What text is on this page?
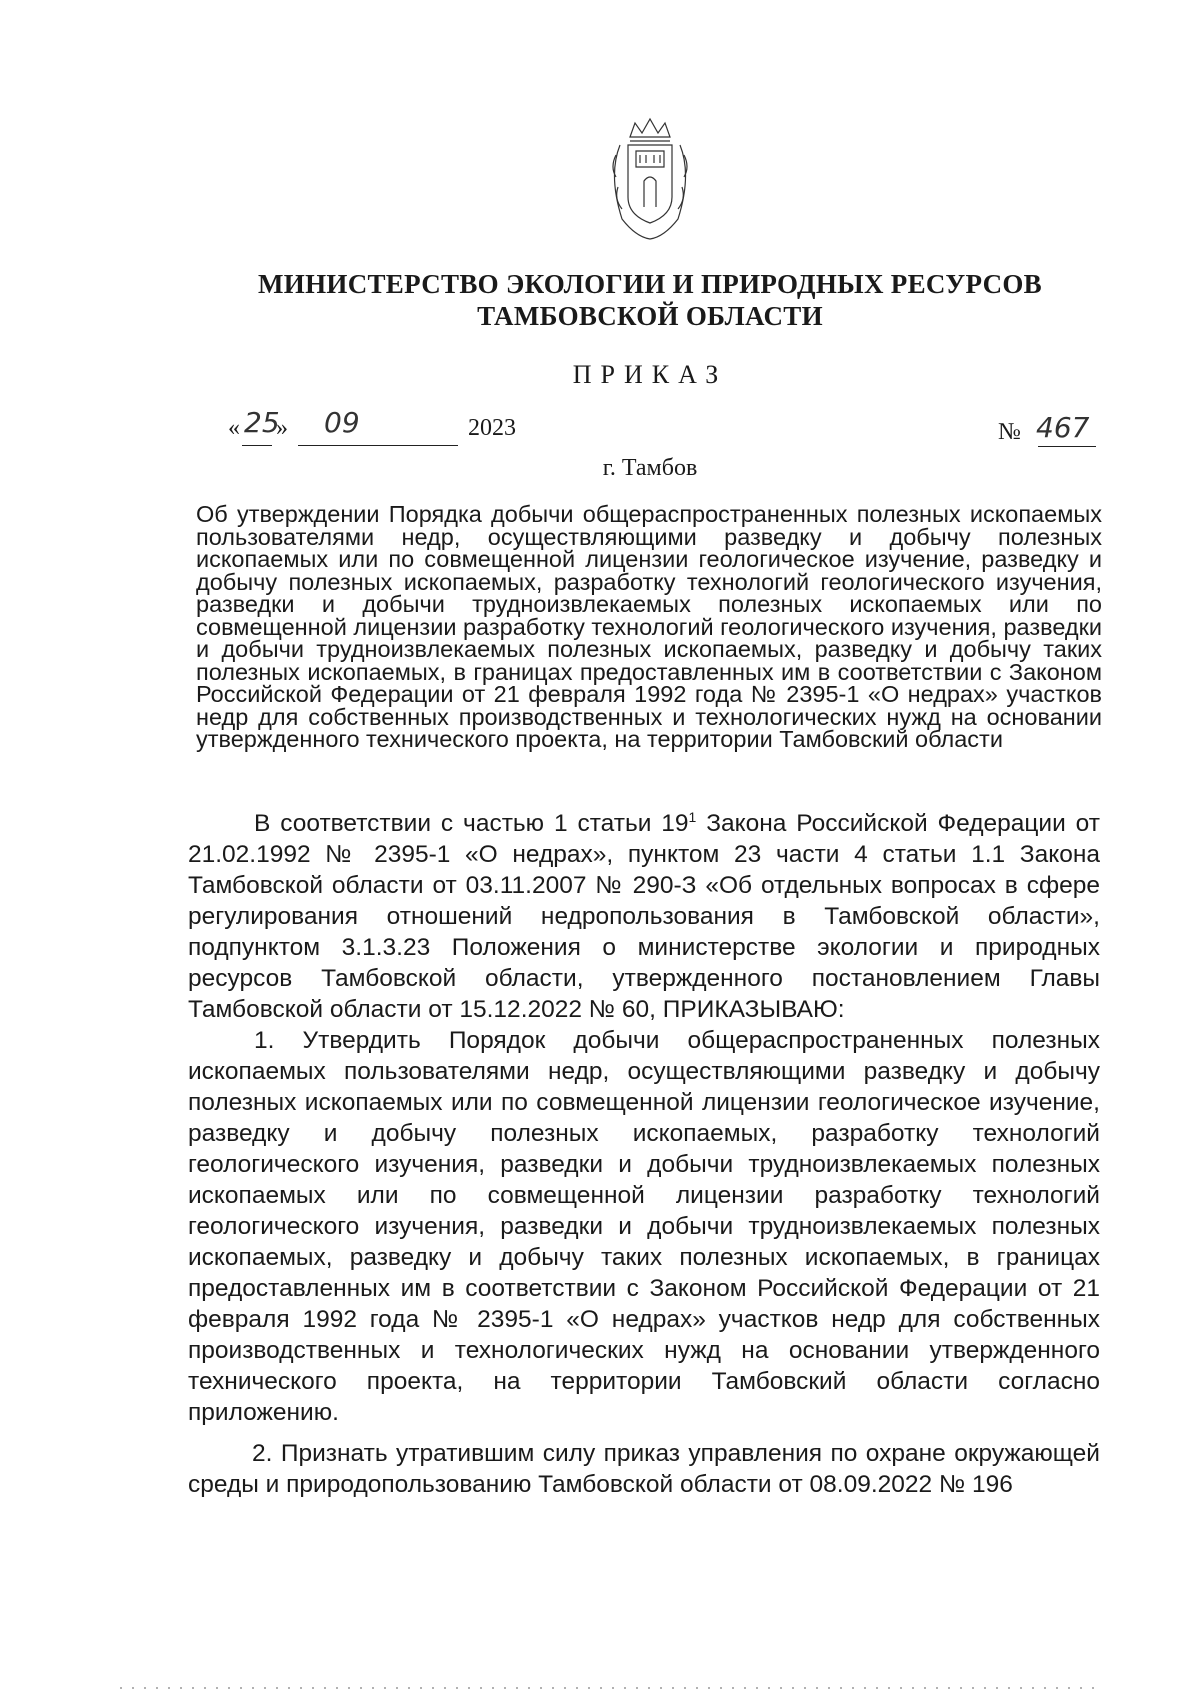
МИНИСТЕРСТВО ЭКОЛОГИИ И ПРИРОДНЫХ РЕСУРСОВ
ТАМБОВСКОЙ ОБЛАСТИ
ПРИКАЗ
« 25
» 09	2023	№ 467
г. Тамбов
Об утверждении Порядка добычи общераспространенных полезных ископаемых пользователями недр, осуществляющими разведку и добычу полезных ископаемых или по совмещенной лицензии геологическое изучение, разведку и добычу полезных ископаемых, разработку технологий геологического изучения, разведки и добычи трудноизвлекаемых полезных ископаемых или по совмещенной лицензии разработку технологий геологического изучения, разведки и добычи трудноизвлекаемых полезных ископаемых, разведку и добычу таких полезных ископаемых, в границах предоставленных им в соответствии с Законом Российской Федерации от 21 февраля 1992 года № 2395-1 «О недрах» участков недр для собственных производственных и технологических нужд на основании утвержденного технического проекта, на территории Тамбовский области

В соответствии с частью 1 статьи $19^1$ Закона Российской Федерации от 21.02.1992 № 2395-1 «О недрах», пунктом 23 части 4 статьи 1.1 Закона Тамбовской области от 03.11.2007 № 290-З «Об отдельных вопросах в сфере регулирования отношений недропользования в Тамбовской области», подпунктом 3.1.3.23 Положения о министерстве экологии и природных ресурсов Тамбовской области, утвержденного постановлением Главы Тамбовской области от 15.12.2022 № 60, ПРИКАЗЫВАЮ:

1. Утвердить Порядок добычи общераспространенных полезных ископаемых пользователями недр, осуществляющими разведку и добычу полезных ископаемых или по совмещенной лицензии геологическое изучение, разведку и добычу полезных ископаемых, разработку технологий геологического изучения, разведки и добычи трудноизвлекаемых полезных ископаемых или по совмещенной лицензии разработку технологий геологического изучения, разведки и добычи трудноизвлекаемых полезных ископаемых, разведку и добычу таких полезных ископаемых, в границах предоставленных им в соответствии с Законом Российской Федерации от 21 февраля 1992 года № 2395-1 «О недрах» участков недр для собственных производственных и технологических нужд на основании утвержденного технического проекта, на территории Тамбовский области согласно приложению.

2. Признать утратившим силу приказ управления по охране окружающей среды и природопользованию Тамбовской области от 08.09.2022 № 196
